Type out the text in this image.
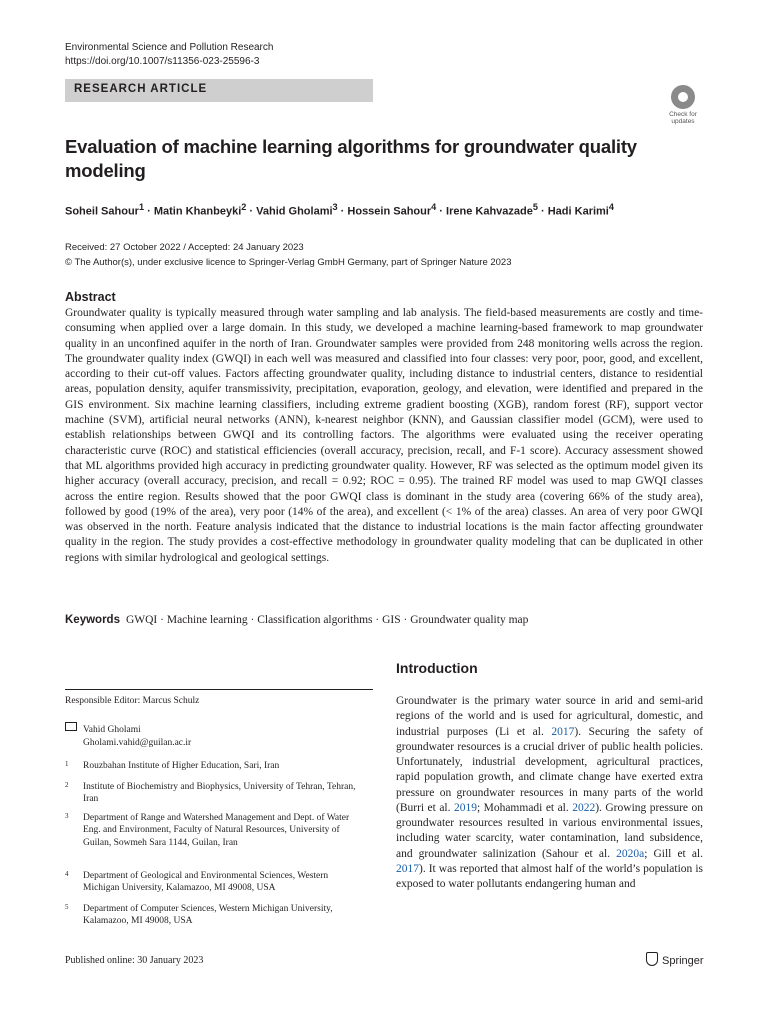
Environmental Science and Pollution Research
https://doi.org/10.1007/s11356-023-25596-3
RESEARCH ARTICLE
Check for
updates
Evaluation of machine learning algorithms for groundwater quality modeling
Soheil Sahour$^1$ · Matin Khanbeyki$^2$ · Vahid Gholami$^3$ · Hossein Sahour$^4$ · Irene Kahvazade$^5$ · Hadi Karimi$^4$
Received: 27 October 2022 / Accepted: 24 January 2023
© The Author(s), under exclusive licence to Springer-Verlag GmbH Germany, part of Springer Nature 2023
Abstract
Groundwater quality is typically measured through water sampling and lab analysis. The field-based measurements are costly and time-consuming when applied over a large domain. In this study, we developed a machine learning-based framework to map groundwater quality in an unconfined aquifer in the north of Iran. Groundwater samples were provided from 248 monitoring wells across the region. The groundwater quality index (GWQI) in each well was measured and classified into four classes: very poor, poor, good, and excellent, according to their cut-off values. Factors affecting groundwater quality, including distance to industrial centers, distance to residential areas, population density, aquifer transmissivity, precipitation, evaporation, geology, and elevation, were identified and prepared in the GIS environment. Six machine learning classifiers, including extreme gradient boosting (XGB), random forest (RF), support vector machine (SVM), artificial neural networks (ANN), k-nearest neighbor (KNN), and Gaussian classifier model (GCM), were used to establish relationships between GWQI and its controlling factors. The algorithms were evaluated using the receiver operating characteristic curve (ROC) and statistical efficiencies (overall accuracy, precision, recall, and F-1 score). Accuracy assessment showed that ML algorithms provided high accuracy in predicting groundwater quality. However, RF was selected as the optimum model given its higher accuracy (overall accuracy, precision, and recall = 0.92; ROC = 0.95). The trained RF model was used to map GWQI classes across the entire region. Results showed that the poor GWQI class is dominant in the study area (covering 66% of the study area), followed by good (19% of the area), very poor (14% of the area), and excellent (< 1% of the area) classes. An area of very poor GWQI was observed in the north. Feature analysis indicated that the distance to industrial locations is the main factor affecting groundwater quality in the region. The study provides a cost-effective methodology in groundwater quality modeling that can be duplicated in other regions with similar hydrological and geological settings.
Keywords GWQI · Machine learning · Classification algorithms · GIS · Groundwater quality map
Introduction
Responsible Editor: Marcus Schulz
Vahid Gholami
Gholami.vahid@guilan.ac.ir
1 Rouzbahan Institute of Higher Education, Sari, Iran
2 Institute of Biochemistry and Biophysics, University of Tehran, Tehran, Iran
3 Department of Range and Watershed Management and Dept. of Water Eng. and Environment, Faculty of Natural Resources, University of Guilan, Sowmeh Sara 1144, Guilan, Iran
4 Department of Geological and Environmental Sciences, Western Michigan University, Kalamazoo, MI 49008, USA
5 Department of Computer Sciences, Western Michigan University, Kalamazoo, MI 49008, USA
Groundwater is the primary water source in arid and semi-arid regions of the world and is used for agricultural, domestic, and industrial purposes (Li et al. 2017). Securing the safety of groundwater resources is a crucial driver of public health policies. Unfortunately, industrial development, agricultural practices, rapid population growth, and climate change have exerted extra pressure on groundwater resources in many parts of the world (Burri et al. 2019; Mohammadi et al. 2022). Growing pressure on groundwater resources resulted in various environmental issues, including water scarcity, water contamination, land subsidence, and groundwater salinization (Sahour et al. 2020a; Gill et al. 2017). It was reported that almost half of the world’s population is exposed to water pollutants endangering human and
Published online: 30 January 2023	Springer
